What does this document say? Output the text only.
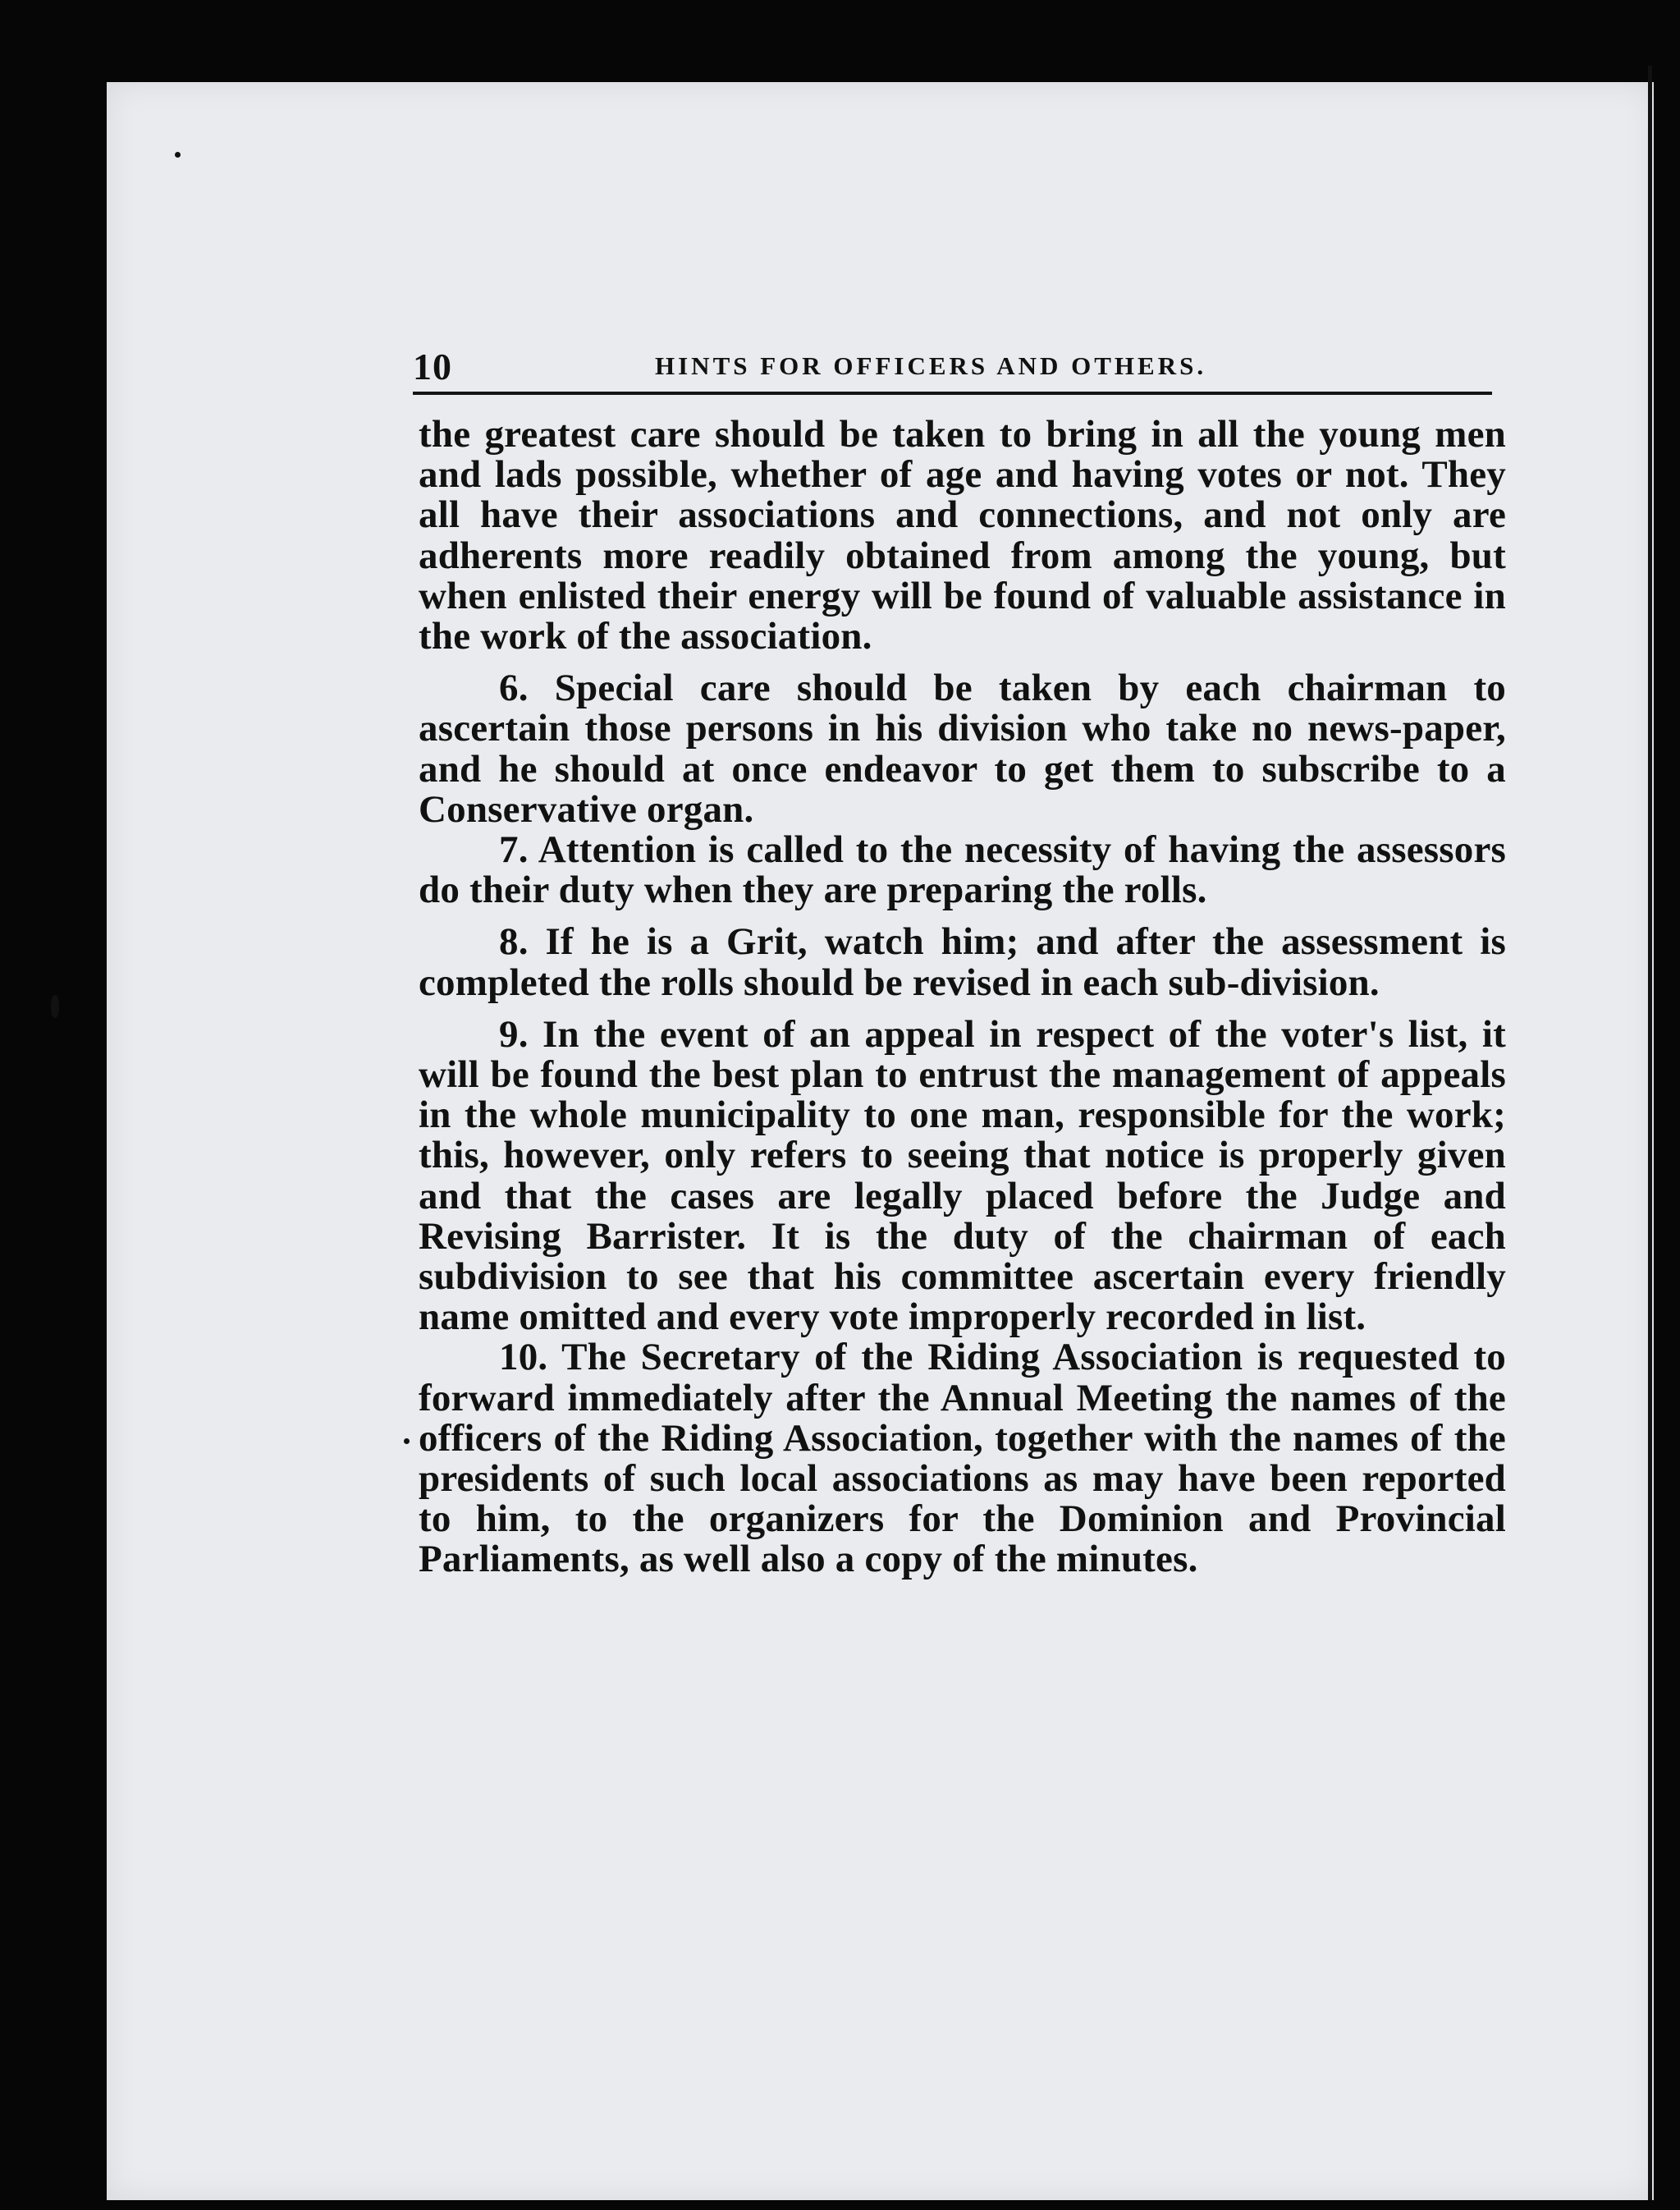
10	HINTS FOR OFFICERS AND OTHERS.

the greatest care should be taken to bring in all the young men and lads possible, whether of age and having votes or not. They all have their associations and connections, and not only are adherents more readily obtained from among the young, but when enlisted their energy will be found of valuable assistance in the work of the association.

6. Special care should be taken by each chairman to ascertain those persons in his division who take no news-paper, and he should at once endeavor to get them to subscribe to a Conservative organ.

7. Attention is called to the necessity of having the assessors do their duty when they are preparing the rolls.

8. If he is a Grit, watch him; and after the assessment is completed the rolls should be revised in each sub-division.

9. In the event of an appeal in respect of the voter's list, it will be found the best plan to entrust the management of appeals in the whole municipality to one man, responsible for the work; this, however, only refers to seeing that notice is properly given and that the cases are legally placed before the Judge and Revising Barrister. It is the duty of the chairman of each subdivision to see that his committee ascertain every friendly name omitted and every vote improperly recorded in list.

10. The Secretary of the Riding Association is requested to forward immediately after the Annual Meeting the names of the officers of the Riding Association, together with the names of the presidents of such local associations as may have been reported to him, to the organizers for the Dominion and Provincial Parliaments, as well also a copy of the minutes.
